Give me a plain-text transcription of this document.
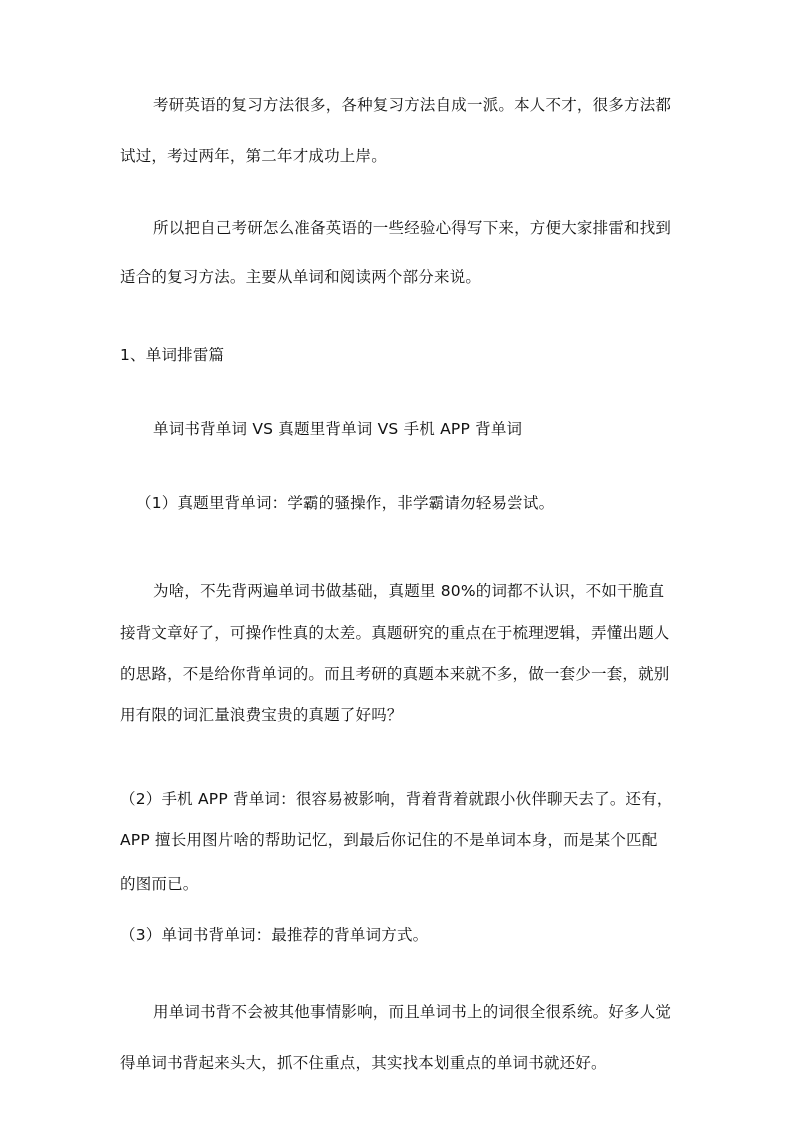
考研英语的复习方法很多，各种复习方法自成一派。本人不才，很多方法都
试过，考过两年，第二年才成功上岸。
所以把自己考研怎么准备英语的一些经验心得写下来，方便大家排雷和找到
适合的复习方法。主要从单词和阅读两个部分来说。
1、单词排雷篇
单词书背单词 VS 真题里背单词 VS 手机 APP 背单词
（1）真题里背单词：学霸的骚操作，非学霸请勿轻易尝试。
为啥，不先背两遍单词书做基础，真题里 80%的词都不认识，不如干脆直
接背文章好了，可操作性真的太差。真题研究的重点在于梳理逻辑，弄懂出题人
的思路，不是给你背单词的。而且考研的真题本来就不多，做一套少一套，就别
用有限的词汇量浪费宝贵的真题了好吗？
（2）手机 APP 背单词：很容易被影响，背着背着就跟小伙伴聊天去了。还有，
APP 擅长用图片啥的帮助记忆，到最后你记住的不是单词本身，而是某个匹配
的图而已。
（3）单词书背单词：最推荐的背单词方式。
用单词书背不会被其他事情影响，而且单词书上的词很全很系统。好多人觉
得单词书背起来头大，抓不住重点，其实找本划重点的单词书就还好。
